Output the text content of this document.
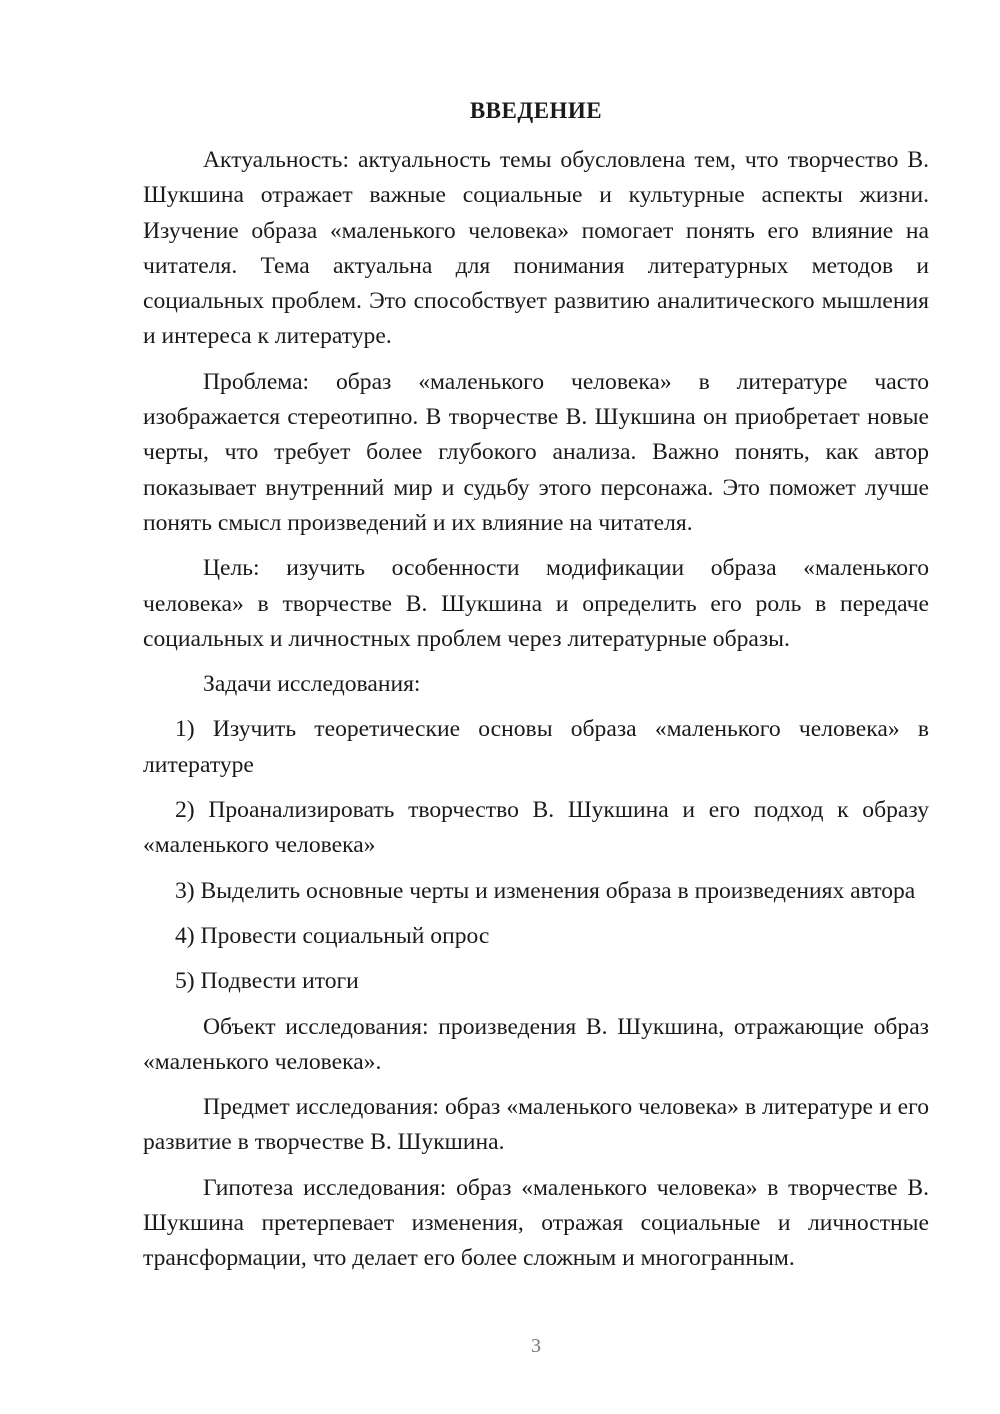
ВВЕДЕНИЕ

Актуальность: актуальность темы обусловлена тем, что творчество В. Шукшина отражает важные социальные и культурные аспекты жизни. Изучение образа «маленького человека» помогает понять его влияние на читателя. Тема актуальна для понимания литературных методов и социальных проблем. Это способствует развитию аналитического мышления и интереса к литературе.

Проблема: образ «маленького человека» в литературе часто изображается стереотипно. В творчестве В. Шукшина он приобретает новые черты, что требует более глубокого анализа. Важно понять, как автор показывает внутренний мир и судьбу этого персонажа. Это поможет лучше понять смысл произведений и их влияние на читателя.

Цель: изучить особенности модификации образа «маленького человека» в творчестве В. Шукшина и определить его роль в передаче социальных и личностных проблем через литературные образы.

Задачи исследования:

1) Изучить теоретические основы образа «маленького человека» в литературе

2) Проанализировать творчество В. Шукшина и его подход к образу «маленького человека»

3) Выделить основные черты и изменения образа в произведениях автора

4) Провести социальный опрос

5) Подвести итоги

Объект исследования: произведения В. Шукшина, отражающие образ «маленького человека».

Предмет исследования: образ «маленького человека» в литературе и его развитие в творчестве В. Шукшина.

Гипотеза исследования: образ «маленького человека» в творчестве В. Шукшина претерпевает изменения, отражая социальные и личностные трансформации, что делает его более сложным и многогранным.

3
